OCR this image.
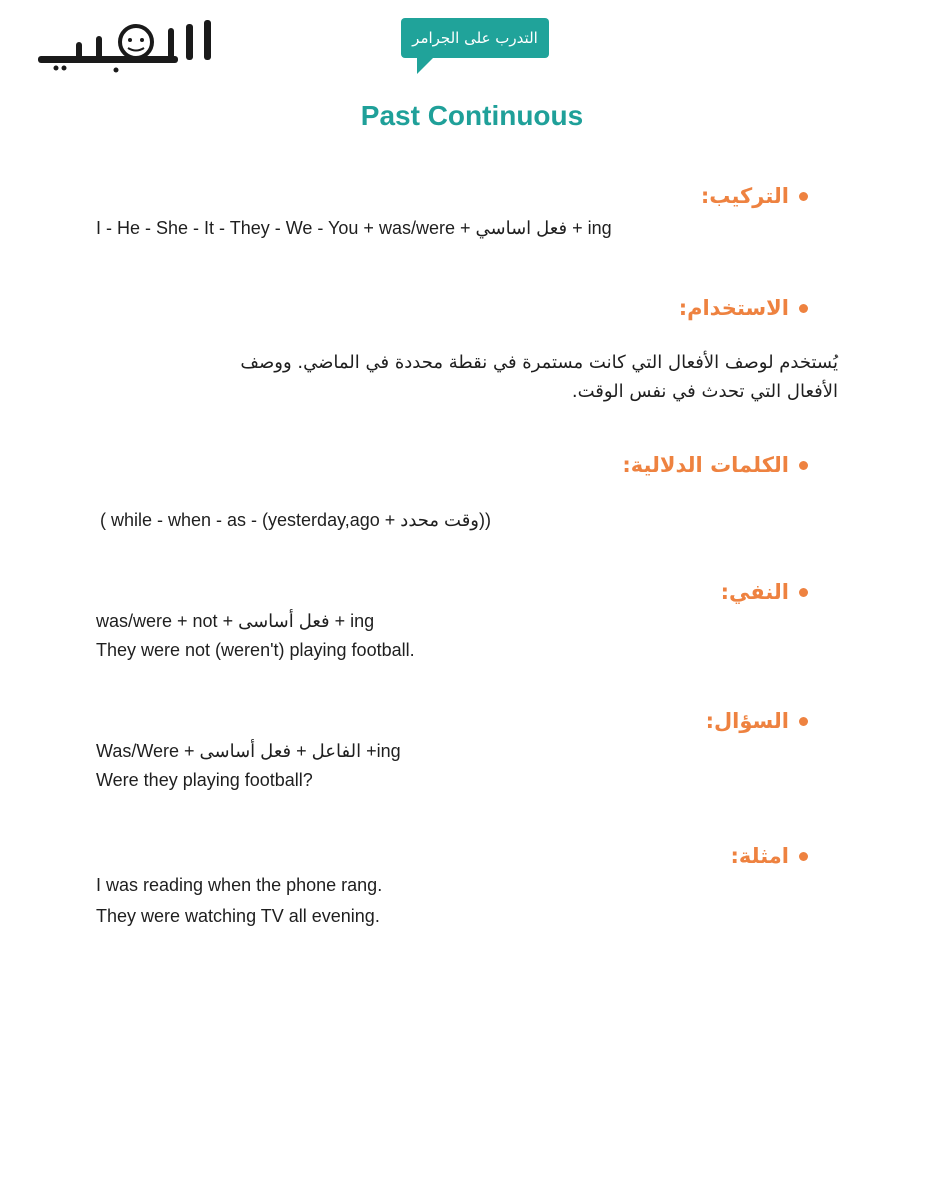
التدرب على الجرامر
Past Continuous
التركيب:
I - He - She - It - They - We - You + was/were + فعل اساسي + ing
الاستخدام:
يُستخدم لوصف الأفعال التي كانت مستمرة في نقطة محددة في الماضي. ووصف
الأفعال التي تحدث في نفس الوقت.
الكلمات الدلالية:
( while - when - as - (yesterday,ago + وقت محدد))
النفي:
was/were + not + فعل أساسى + ing
They were not (weren't) playing football.
السؤال:
Was/Were + الفاعل + فعل أساسى +ing
Were they playing football?
امثلة:
I was reading when the phone rang.
They were watching TV all evening.
